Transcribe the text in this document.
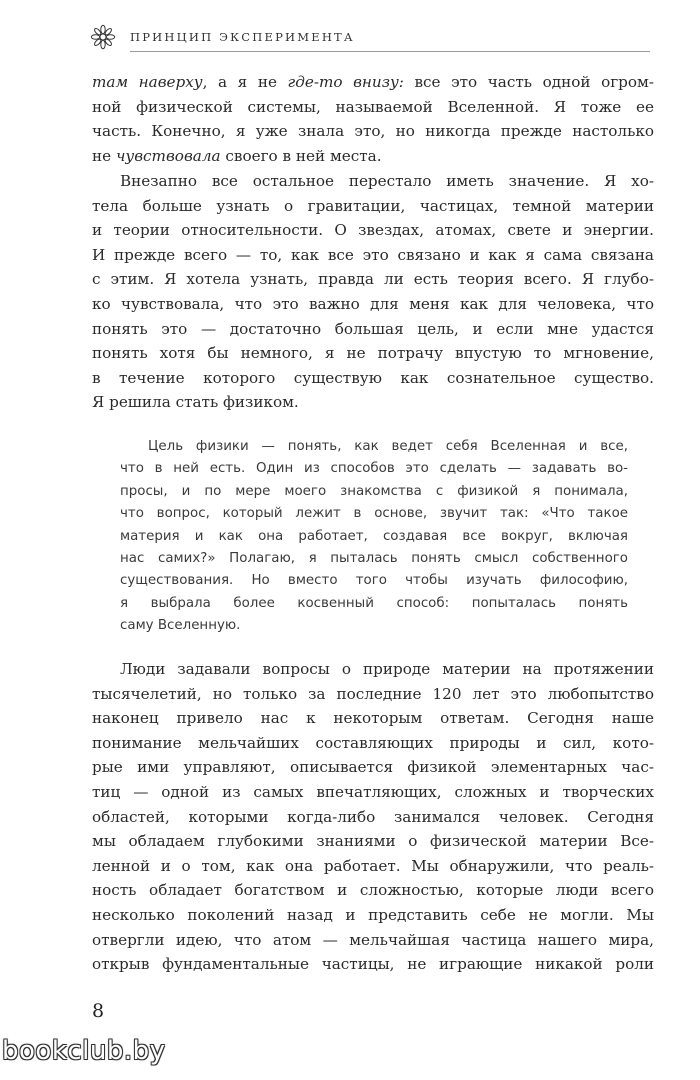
ПРИНЦИП ЭКСПЕРИМЕНТА
там наверху, а я не где-то внизу: все это часть одной огром-
ной физической системы, называемой Вселенной. Я тоже ее
часть. Конечно, я уже знала это, но никогда прежде настолько
не чувствовала своего в ней места.
Внезапно все остальное перестало иметь значение. Я хо-
тела больше узнать о гравитации, частицах, темной материи
и теории относительности. О звездах, атомах, свете и энергии.
И прежде всего — то, как все это связано и как я сама связана
с этим. Я хотела узнать, правда ли есть теория всего. Я глубо-
ко чувствовала, что это важно для меня как для человека, что
понять это — достаточно большая цель, и если мне удастся
понять хотя бы немного, я не потрачу впустую то мгновение,
в течение которого существую как сознательное существо.
Я решила стать физиком.
Цель физики — понять, как ведет себя Вселенная и все,
что в ней есть. Один из способов это сделать — задавать во-
просы, и по мере моего знакомства с физикой я понимала,
что вопрос, который лежит в основе, звучит так: «Что такое
материя и как она работает, создавая все вокруг, включая
нас самих?» Полагаю, я пыталась понять смысл собственного
существования. Но вместо того чтобы изучать философию,
я выбрала более косвенный способ: попыталась понять
саму Вселенную.
Люди задавали вопросы о природе материи на протяжении
тысячелетий, но только за последние 120 лет это любопытство
наконец привело нас к некоторым ответам. Сегодня наше
понимание мельчайших составляющих природы и сил, кото-
рые ими управляют, описывается физикой элементарных час-
тиц — одной из самых впечатляющих, сложных и творческих
областей, которыми когда-либо занимался человек. Сегодня
мы обладаем глубокими знаниями о физической материи Все-
ленной и о том, как она работает. Мы обнаружили, что реаль-
ность обладает богатством и сложностью, которые люди всего
несколько поколений назад и представить себе не могли. Мы
отвергли идею, что атом — мельчайшая частица нашего мира,
открыв фундаментальные частицы, не играющие никакой роли
8
bookclub.by
